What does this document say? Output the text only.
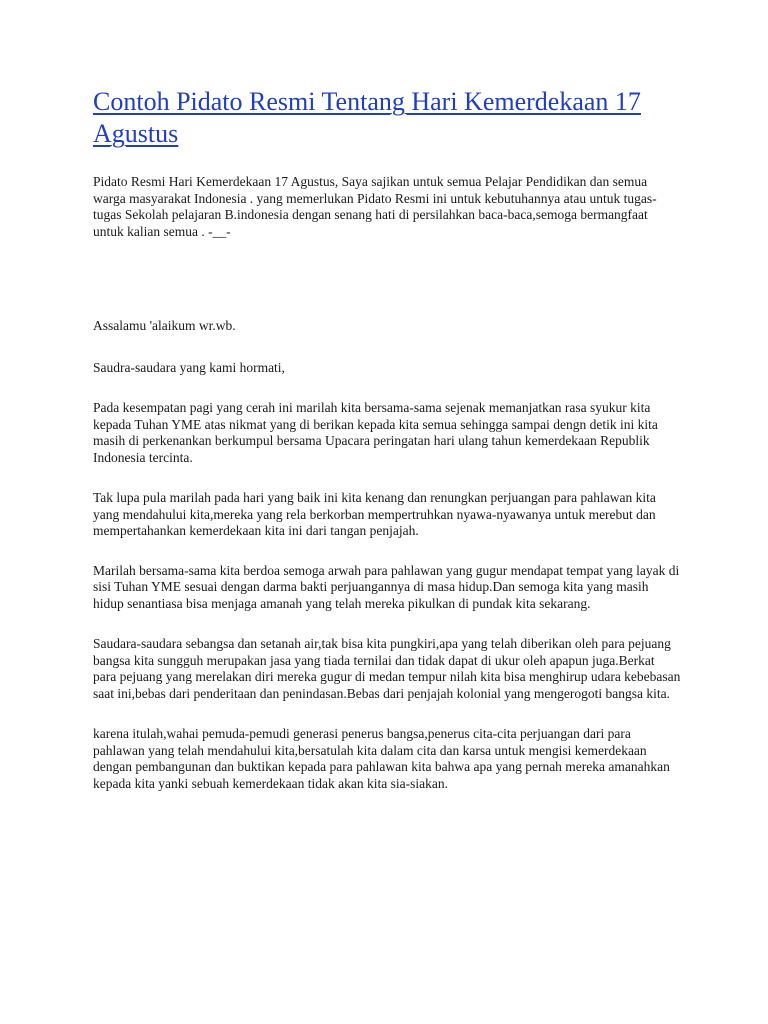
Contoh Pidato Resmi Tentang Hari Kemerdekaan 17 Agustus

Pidato Resmi Hari Kemerdekaan 17 Agustus, Saya sajikan untuk semua Pelajar Pendidikan dan semua warga masyarakat Indonesia . yang memerlukan Pidato Resmi ini untuk kebutuhannya atau untuk tugas-tugas Sekolah pelajaran B.indonesia dengan senang hati di persilahkan baca-baca,semoga bermangfaat untuk kalian semua . -__-

Assalamu 'alaikum wr.wb.

Saudra-saudara yang kami hormati,

Pada kesempatan pagi yang cerah ini marilah kita bersama-sama sejenak memanjatkan rasa syukur kita kepada Tuhan YME atas nikmat yang di berikan kepada kita semua sehingga sampai dengn detik ini kita masih di perkenankan berkumpul bersama Upacara peringatan hari ulang tahun kemerdekaan Republik Indonesia tercinta.

Tak lupa pula marilah pada hari yang baik ini kita kenang dan renungkan perjuangan para pahlawan kita yang mendahului kita,mereka yang rela berkorban mempertruhkan nyawa-nyawanya untuk merebut dan mempertahankan kemerdekaan kita ini dari tangan penjajah.

Marilah bersama-sama kita berdoa semoga arwah para pahlawan yang gugur mendapat tempat yang layak di sisi Tuhan YME sesuai dengan darma bakti perjuangannya di masa hidup.Dan semoga kita yang masih hidup senantiasa bisa menjaga amanah yang telah mereka pikulkan di pundak kita sekarang.

Saudara-saudara sebangsa dan setanah air,tak bisa kita pungkiri,apa yang telah diberikan oleh para pejuang bangsa kita sungguh merupakan jasa yang tiada ternilai dan tidak dapat di ukur oleh apapun juga.Berkat para pejuang yang merelakan diri mereka gugur di medan tempur nilah kita bisa menghirup udara kebebasan saat ini,bebas dari penderitaan dan penindasan.Bebas dari penjajah kolonial yang mengerogoti bangsa kita.

karena itulah,wahai pemuda-pemudi generasi penerus bangsa,penerus cita-cita perjuangan dari para pahlawan yang telah mendahului kita,bersatulah kita dalam cita dan karsa untuk mengisi kemerdekaan dengan pembangunan dan buktikan kepada para pahlawan kita bahwa apa yang pernah mereka amanahkan kepada kita yanki sebuah kemerdekaan tidak akan kita sia-siakan.
